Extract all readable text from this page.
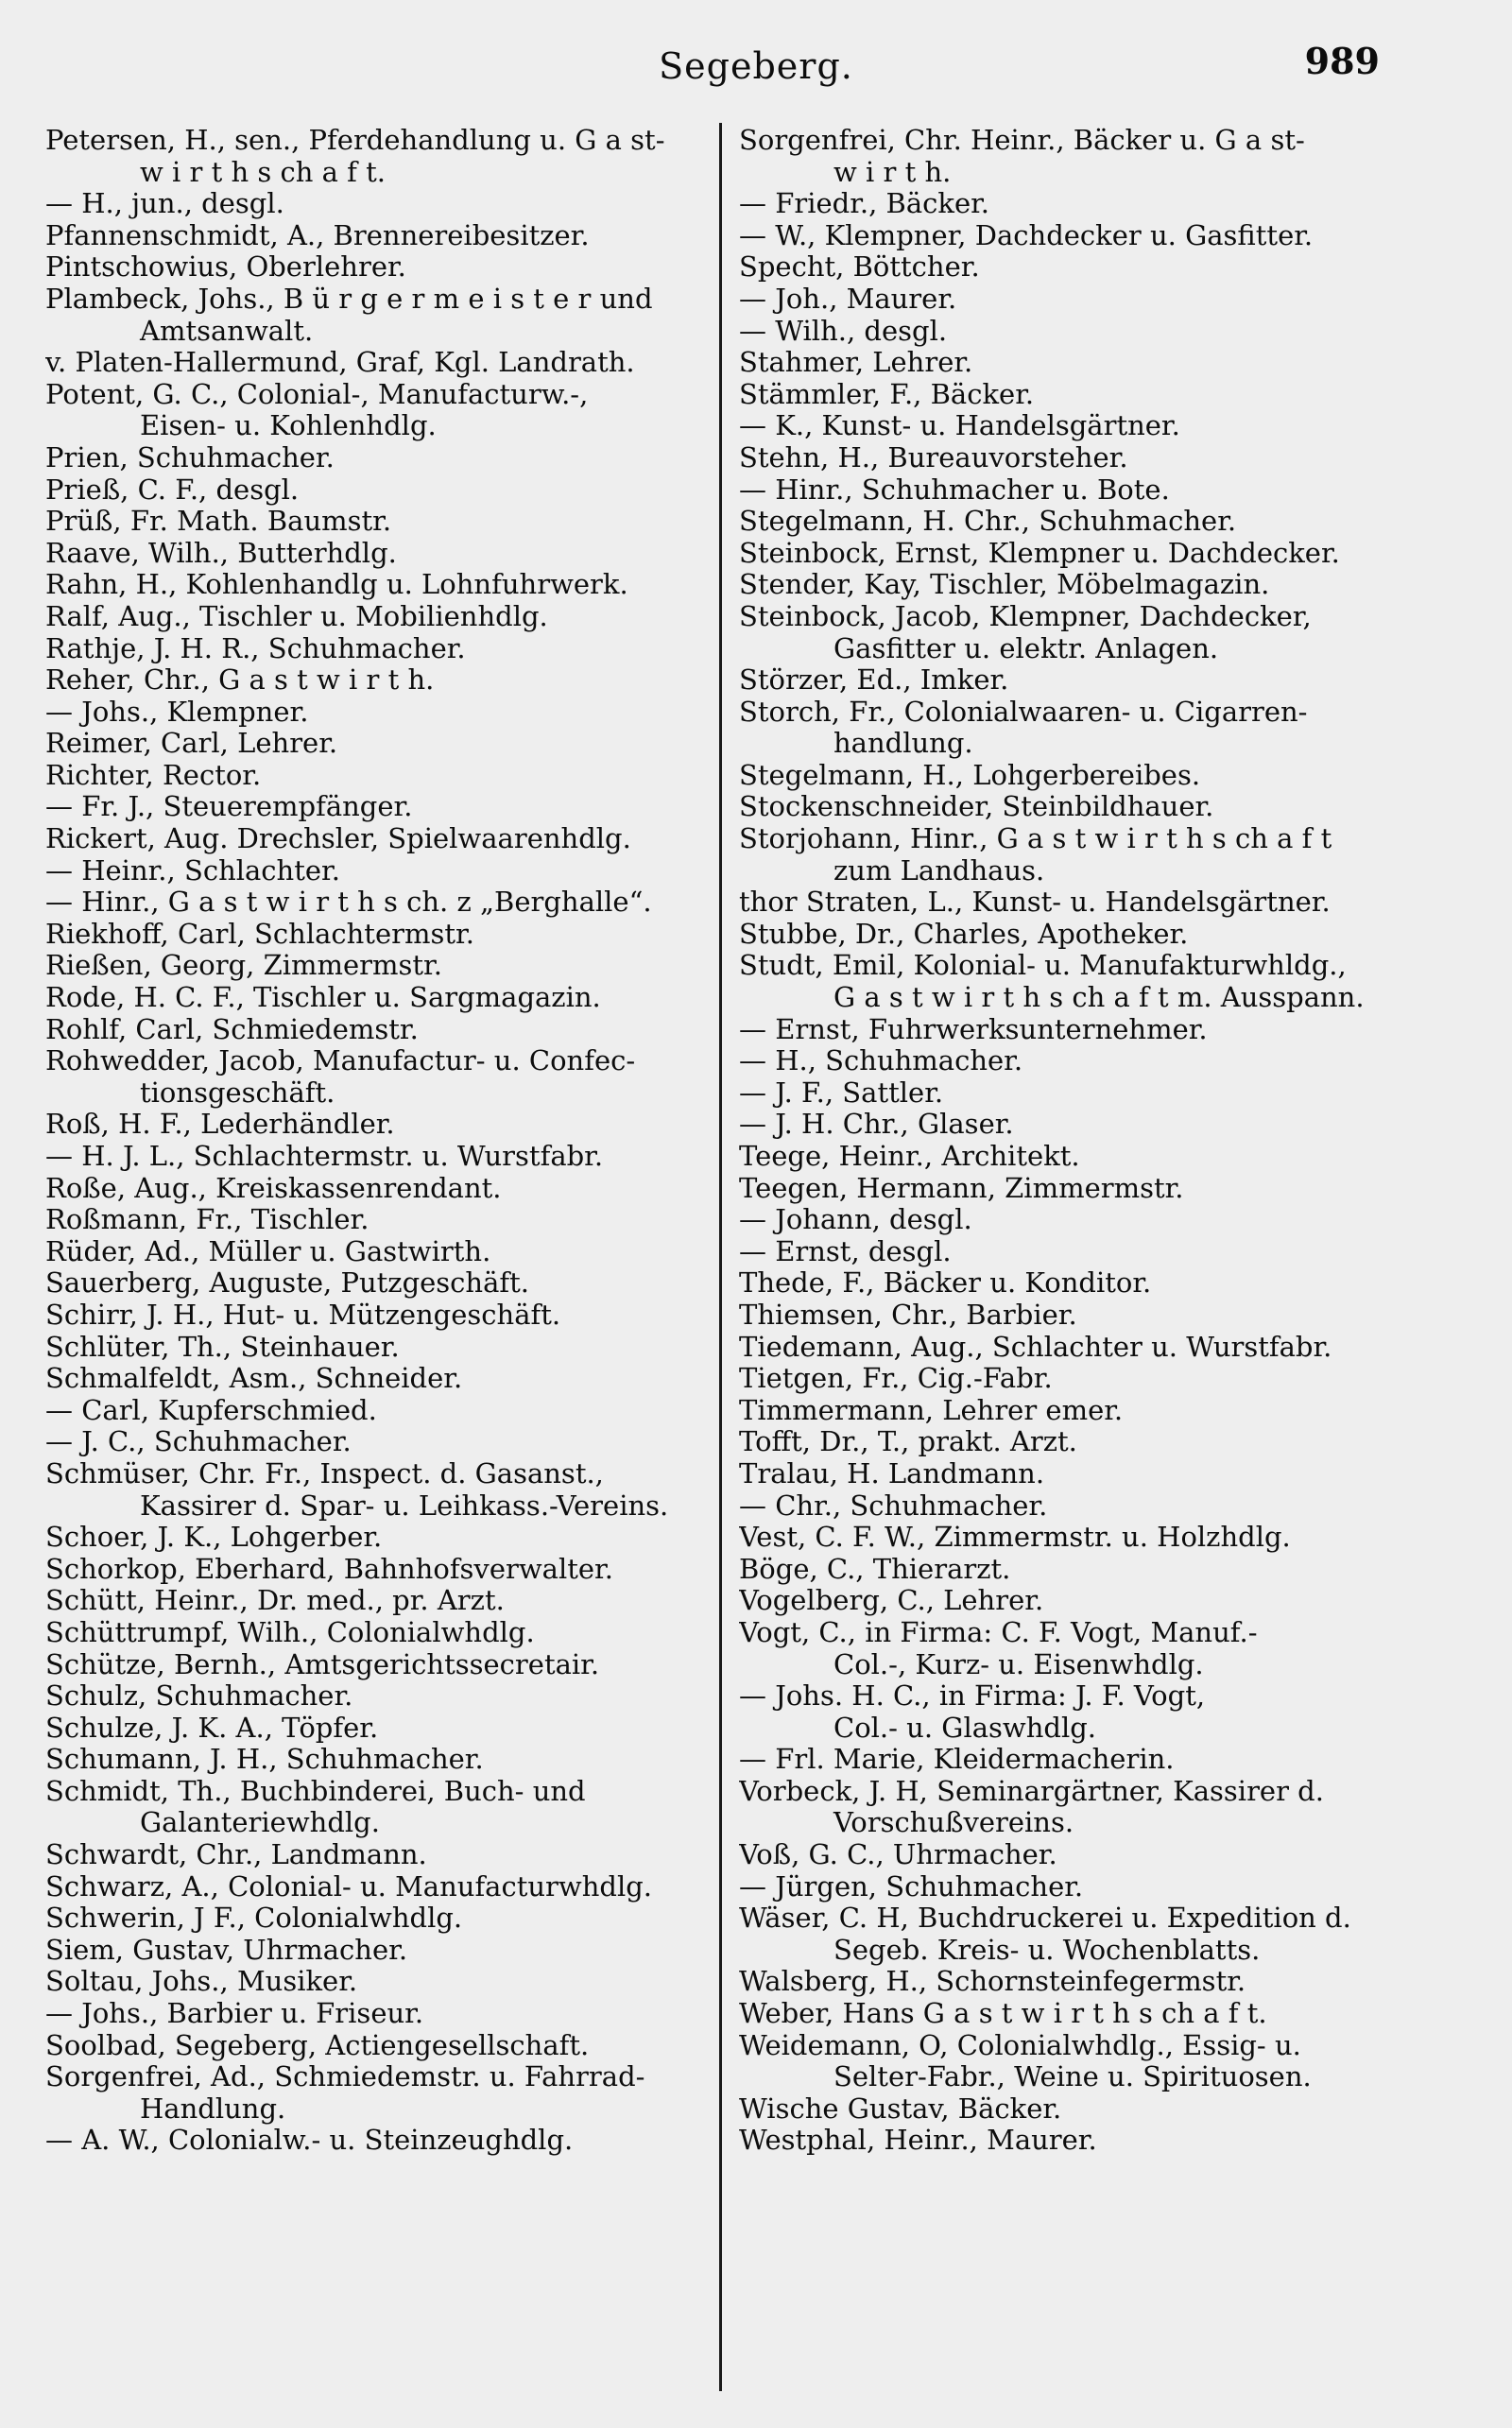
Segeberg.	989
Petersen, H., sen., Pferdehandlung u. G a st-
w i r t h s ch a f t.
— H., jun., desgl.
Pfannenschmidt, A., Brennereibesitzer.
Pintschowius, Oberlehrer.
Plambeck, Johs., B ü r g e r m e i s t e r und
Amtsanwalt.
v. Platen-Hallermund, Graf, Kgl. Landrath.
Potent, G. C., Colonial-, Manufacturw.-,
Eisen- u. Kohlenhdlg.
Prien, Schuhmacher.
Prieß, C. F., desgl.
Prüß, Fr. Math. Baumstr.
Raave, Wilh., Butterhdlg.
Rahn, H., Kohlenhandlg u. Lohnfuhrwerk.
Ralf, Aug., Tischler u. Mobilienhdlg.
Rathje, J. H. R., Schuhmacher.
Reher, Chr., G a s t w i r t h.
— Johs., Klempner.
Reimer, Carl, Lehrer.
Richter, Rector.
— Fr. J., Steuerempfänger.
Rickert, Aug. Drechsler, Spielwaarenhdlg.
— Heinr., Schlachter.
— Hinr., G a s t w i r t h s ch. z „Berghalle“.
Riekhoff, Carl, Schlachtermstr.
Rießen, Georg, Zimmermstr.
Rode, H. C. F., Tischler u. Sargmagazin.
Rohlf, Carl, Schmiedemstr.
Rohwedder, Jacob, Manufactur- u. Confec-
tionsgeschäft.
Roß, H. F., Lederhändler.
— H. J. L., Schlachtermstr. u. Wurstfabr.
Roße, Aug., Kreiskassenrendant.
Roßmann, Fr., Tischler.
Rüder, Ad., Müller u. Gastwirth.
Sauerberg, Auguste, Putzgeschäft.
Schirr, J. H., Hut- u. Mützengeschäft.
Schlüter, Th., Steinhauer.
Schmalfeldt, Asm., Schneider.
— Carl, Kupferschmied.
— J. C., Schuhmacher.
Schmüser, Chr. Fr., Inspect. d. Gasanst.,
Kassirer d. Spar- u. Leihkass.-Vereins.
Schoer, J. K., Lohgerber.
Schorkop, Eberhard, Bahnhofsverwalter.
Schütt, Heinr., Dr. med., pr. Arzt.
Schüttrumpf, Wilh., Colonialwhdlg.
Schütze, Bernh., Amtsgerichtssecretair.
Schulz, Schuhmacher.
Schulze, J. K. A., Töpfer.
Schumann, J. H., Schuhmacher.
Schmidt, Th., Buchbinderei, Buch- und
Galanteriewhdlg.
Schwardt, Chr., Landmann.
Schwarz, A., Colonial- u. Manufacturwhdlg.
Schwerin, J F., Colonialwhdlg.
Siem, Gustav, Uhrmacher.
Soltau, Johs., Musiker.
— Johs., Barbier u. Friseur.
Soolbad, Segeberg, Actiengesellschaft.
Sorgenfrei, Ad., Schmiedemstr. u. Fahrrad-
Handlung.
— A. W., Colonialw.- u. Steinzeughdlg.
Sorgenfrei, Chr. Heinr., Bäcker u. G a st-
w i r t h.
— Friedr., Bäcker.
— W., Klempner, Dachdecker u. Gasfitter.
Specht, Böttcher.
— Joh., Maurer.
— Wilh., desgl.
Stahmer, Lehrer.
Stämmler, F., Bäcker.
— K., Kunst- u. Handelsgärtner.
Stehn, H., Bureauvorsteher.
— Hinr., Schuhmacher u. Bote.
Stegelmann, H. Chr., Schuhmacher.
Steinbock, Ernst, Klempner u. Dachdecker.
Stender, Kay, Tischler, Möbelmagazin.
Steinbock, Jacob, Klempner, Dachdecker,
Gasfitter u. elektr. Anlagen.
Störzer, Ed., Imker.
Storch, Fr., Colonialwaaren- u. Cigarren-
handlung.
Stegelmann, H., Lohgerbereibes.
Stockenschneider, Steinbildhauer.
Storjohann, Hinr., G a s t w i r t h s ch a f t
zum Landhaus.
thor Straten, L., Kunst- u. Handelsgärtner.
Stubbe, Dr., Charles, Apotheker.
Studt, Emil, Kolonial- u. Manufakturwhldg.,
G a s t w i r t h s ch a f t m. Ausspann.
— Ernst, Fuhrwerksunternehmer.
— H., Schuhmacher.
— J. F., Sattler.
— J. H. Chr., Glaser.
Teege, Heinr., Architekt.
Teegen, Hermann, Zimmermstr.
— Johann, desgl.
— Ernst, desgl.
Thede, F., Bäcker u. Konditor.
Thiemsen, Chr., Barbier.
Tiedemann, Aug., Schlachter u. Wurstfabr.
Tietgen, Fr., Cig.-Fabr.
Timmermann, Lehrer emer.
Tofft, Dr., T., prakt. Arzt.
Tralau, H. Landmann.
— Chr., Schuhmacher.
Vest, C. F. W., Zimmermstr. u. Holzhdlg.
Böge, C., Thierarzt.
Vogelberg, C., Lehrer.
Vogt, C., in Firma: C. F. Vogt, Manuf.-
Col.-, Kurz- u. Eisenwhdlg.
— Johs. H. C., in Firma: J. F. Vogt,
Col.- u. Glaswhdlg.
— Frl. Marie, Kleidermacherin.
Vorbeck, J. H, Seminargärtner, Kassirer d.
Vorschußvereins.
Voß, G. C., Uhrmacher.
— Jürgen, Schuhmacher.
Wäser, C. H, Buchdruckerei u. Expedition d.
Segeb. Kreis- u. Wochenblatts.
Walsberg, H., Schornsteinfegermstr.
Weber, Hans G a s t w i r t h s ch a f t.
Weidemann, O, Colonialwhdlg., Essig- u.
Selter-Fabr., Weine u. Spirituosen.
Wische Gustav, Bäcker.
Westphal, Heinr., Maurer.
